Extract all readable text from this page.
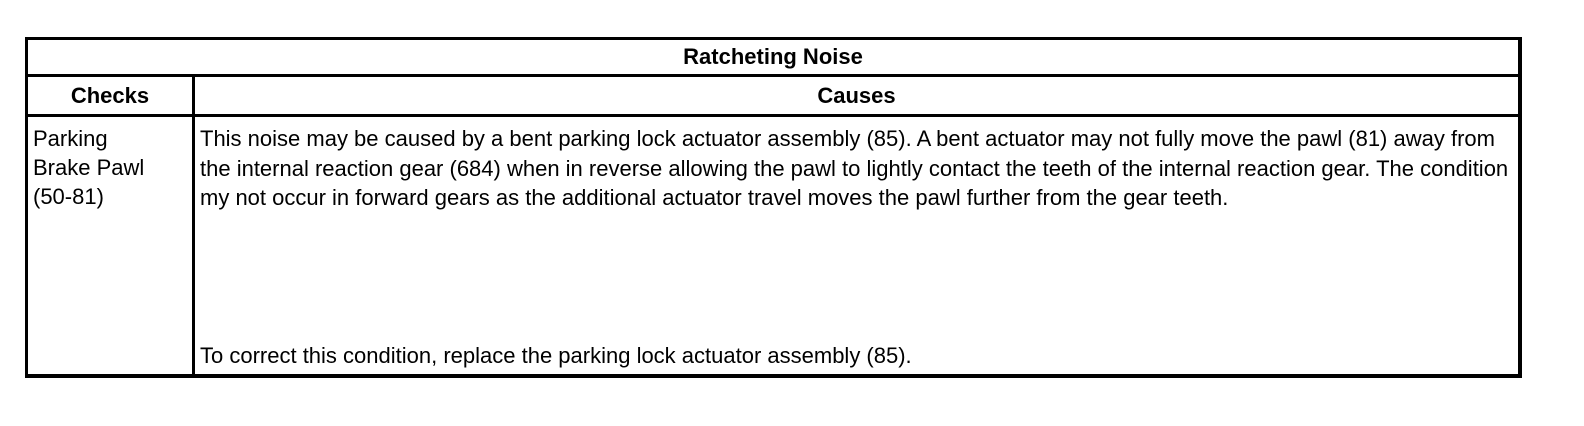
Ratcheting Noise
Checks	Causes
Parking
Brake Pawl
(50-81)
This noise may be caused by a bent parking lock actuator assembly (85). A bent actuator may not fully move the pawl (81) away from the internal reaction gear (684) when in reverse allowing the pawl to lightly contact the teeth of the internal reaction gear. The condition my not occur in forward gears as the additional actuator travel moves the pawl further from the gear teeth.
To correct this condition, replace the parking lock actuator assembly (85).
